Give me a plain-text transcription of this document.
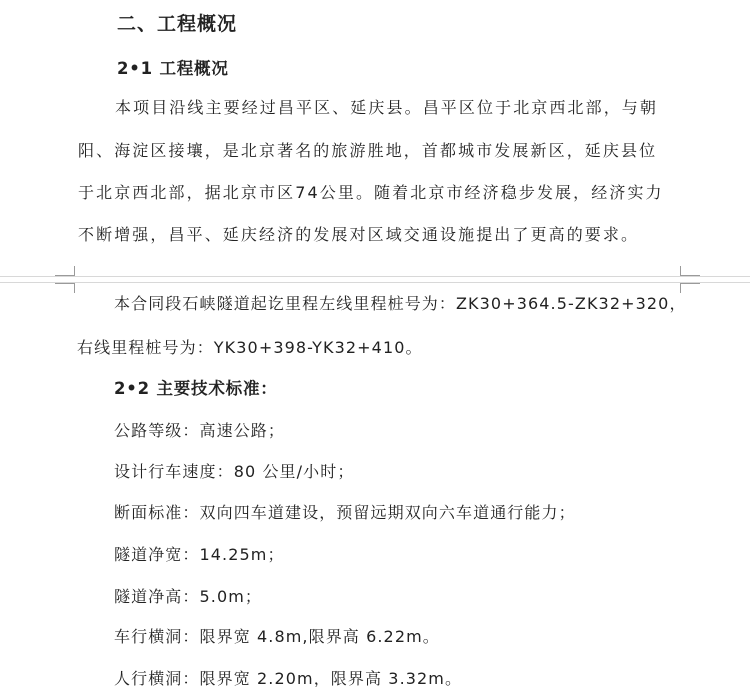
二、工程概况
2•1 工程概况
本项目沿线主要经过昌平区、延庆县。昌平区位于北京西北部，与朝
阳、海淀区接壤，是北京著名的旅游胜地，首都城市发展新区，延庆县位
于北京西北部，据北京市区74公里。随着北京市经济稳步发展，经济实力
不断增强，昌平、延庆经济的发展对区域交通设施提出了更高的要求。
本合同段石峡隧道起讫里程左线里程桩号为：ZK30+364.5-ZK32+320，
右线里程桩号为：YK30+398-YK32+410。
2•2 主要技术标准：
公路等级：高速公路；
设计行车速度：80 公里/小时；
断面标准：双向四车道建设，预留远期双向六车道通行能力；
隧道净宽：14.25m；
隧道净高：5.0m；
车行横洞：限界宽 4.8m,限界高 6.22m。
人行横洞：限界宽 2.20m，限界高 3.32m。
